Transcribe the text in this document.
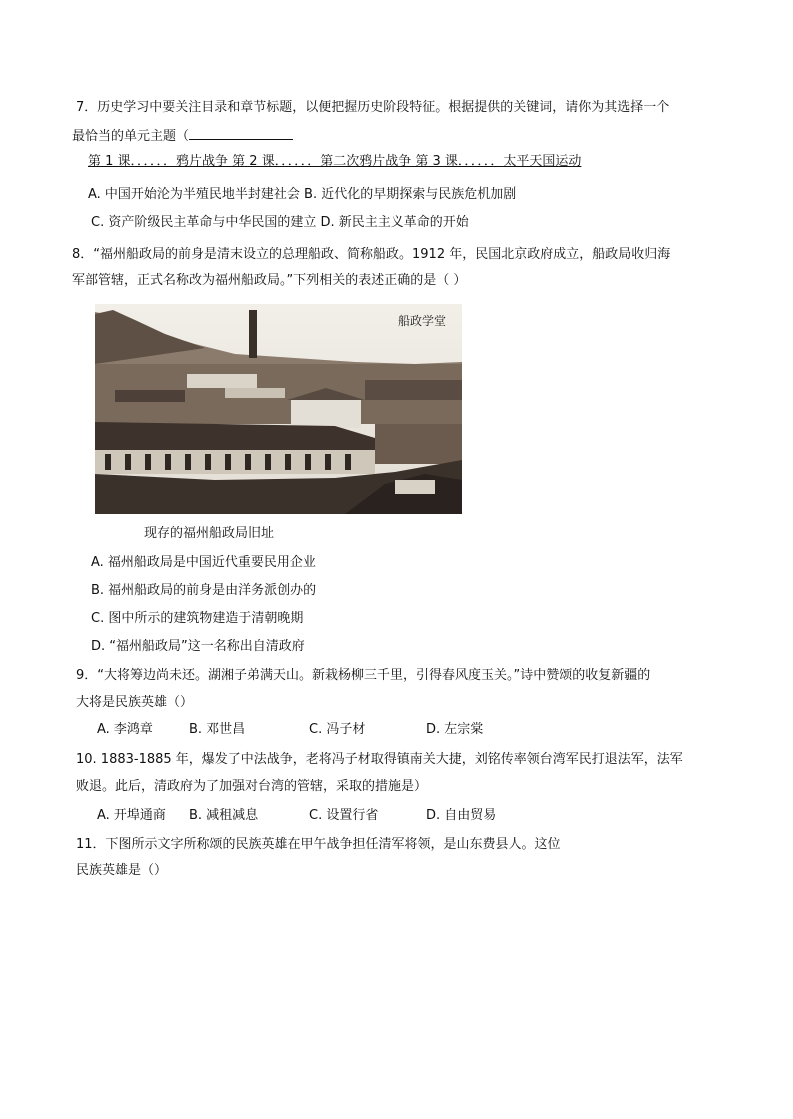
7．历史学习中要关注目录和章节标题，以便把握历史阶段特征。根据提供的关键词，请你为其选择一个
最恰当的单元主题（
第 1 课．．．．．．鸦片战争 第 2 课．．．．．．第二次鸦片战争 第 3 课．．．．．．太平天国运动
A. 中国开始沦为半殖民地半封建社会 B. 近代化的早期探索与民族危机加剧
C. 资产阶级民主革命与中华民国的建立 D. 新民主主义革命的开始
8．“福州船政局的前身是清末设立的总理船政、简称船政。1912 年，民国北京政府成立，船政局收归海
军部管辖，正式名称改为福州船政局。”下列相关的表述正确的是（ ）
船政学堂
现存的福州船政局旧址
A. 福州船政局是中国近代重要民用企业
B. 福州船政局的前身是由洋务派创办的
C. 图中所示的建筑物建造于清朝晚期
D. “福州船政局”这一名称出自清政府
9．“大将筹边尚未还。湖湘子弟满天山。新栽杨柳三千里，引得春风度玉关。”诗中赞颂的收复新疆的
大将是民族英雄（）
A. 李鸿章	B. 邓世昌	C. 冯子材	D. 左宗棠
10. 1883-1885 年，爆发了中法战争，老将冯子材取得镇南关大捷，刘铭传率领台湾军民打退法军，法军
败退。此后，清政府为了加强对台湾的管辖，采取的措施是）
A. 开埠通商 B. 减租减息	C. 设置行省	D. 自由贸易
11．下图所示文字所称颂的民族英雄在甲午战争担任清军将领，是山东费县人。这位
民族英雄是（）
